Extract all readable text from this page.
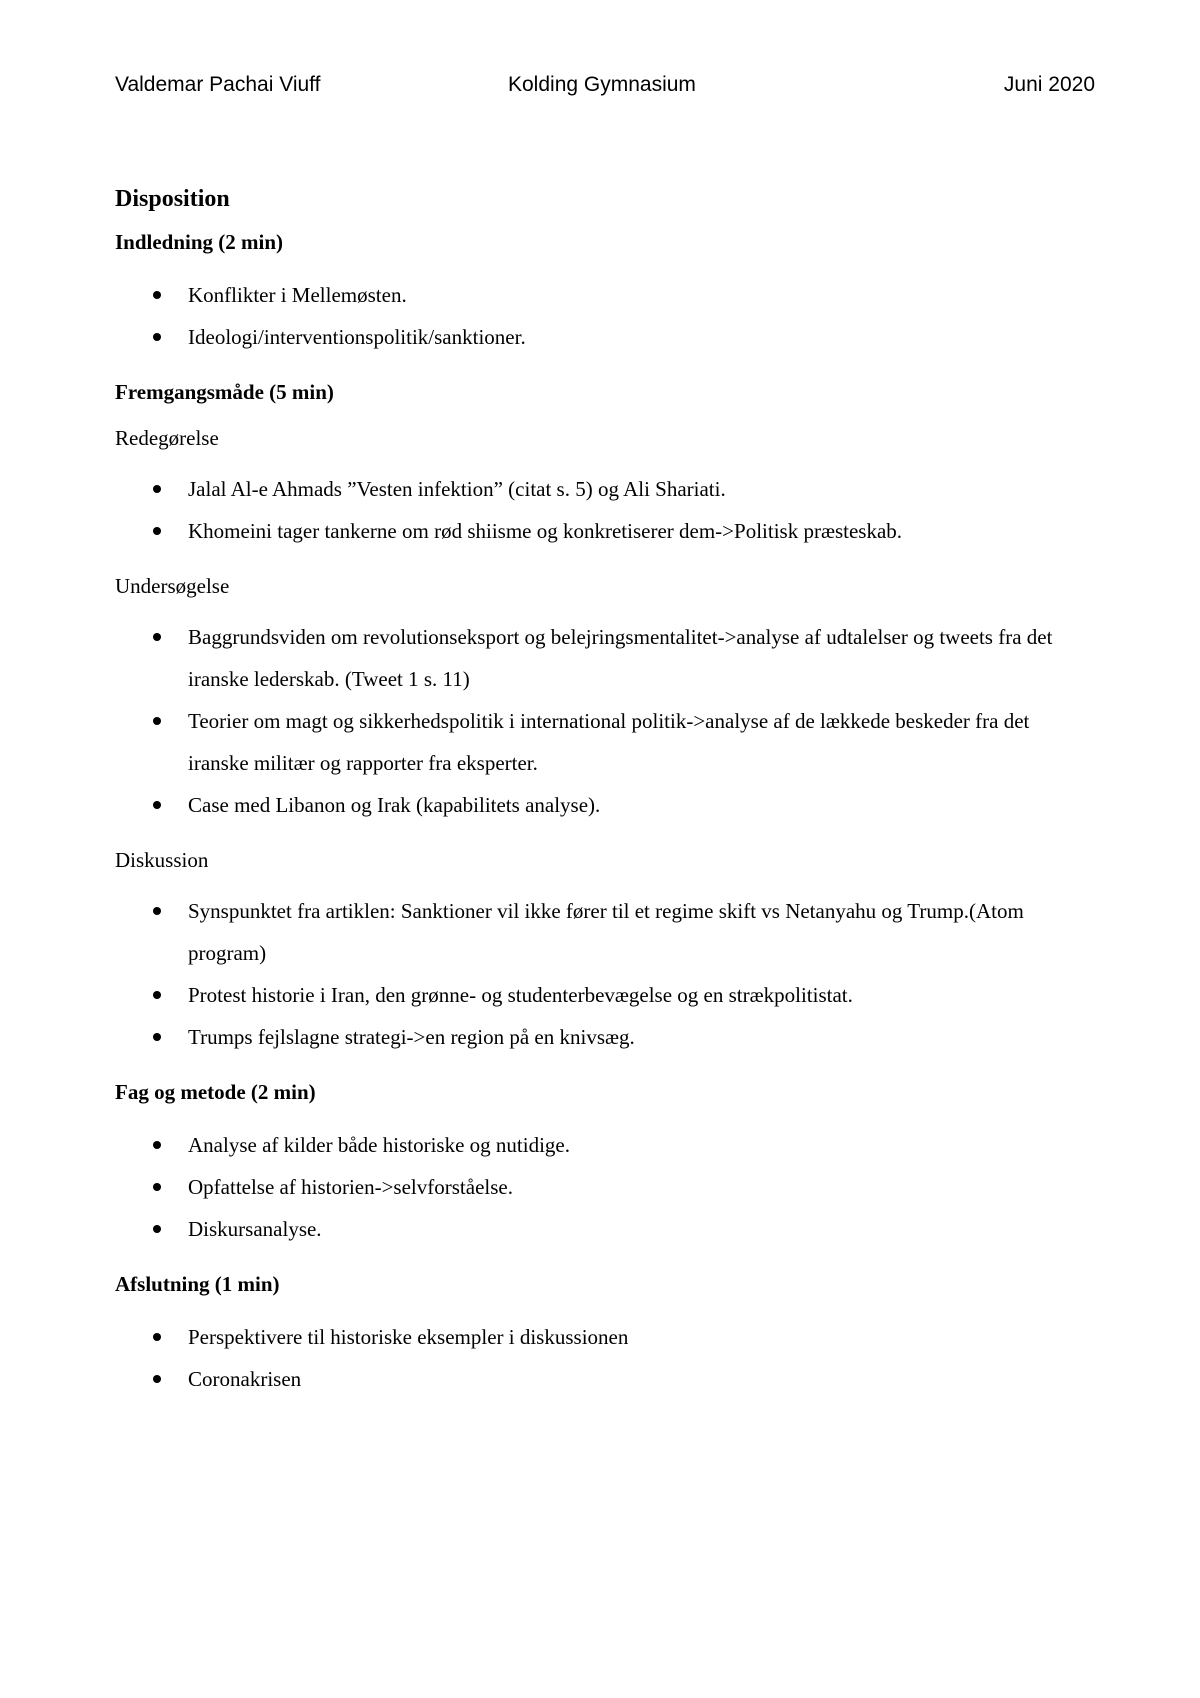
Valdemar Pachai Viuff	Kolding Gymnasium	Juni 2020
Disposition
Indledning (2 min)
Konflikter i Mellemøsten.
Ideologi/interventionspolitik/sanktioner.
Fremgangsmåde (5 min)
Redegørelse
Jalal Al-e Ahmads ”Vesten infektion” (citat s. 5) og Ali Shariati.
Khomeini tager tankerne om rød shiisme og konkretiserer dem->Politisk præsteskab.
Undersøgelse
Baggrundsviden om revolutionseksport og belejringsmentalitet->analyse af udtalelser og tweets fra det iranske lederskab. (Tweet 1 s. 11)
Teorier om magt og sikkerhedspolitik i international politik->analyse af de lækkede beskeder fra det iranske militær og rapporter fra eksperter.
Case med Libanon og Irak (kapabilitets analyse).
Diskussion
Synspunktet fra artiklen: Sanktioner vil ikke fører til et regime skift vs Netanyahu og Trump.(Atom program)
Protest historie i Iran, den grønne- og studenterbevægelse og en strækpolitistat.
Trumps fejlslagne strategi->en region på en knivsæg.
Fag og metode (2 min)
Analyse af kilder både historiske og nutidige.
Opfattelse af historien->selvforståelse.
Diskursanalyse.
Afslutning (1 min)
Perspektivere til historiske eksempler i diskussionen
Coronakrisen
